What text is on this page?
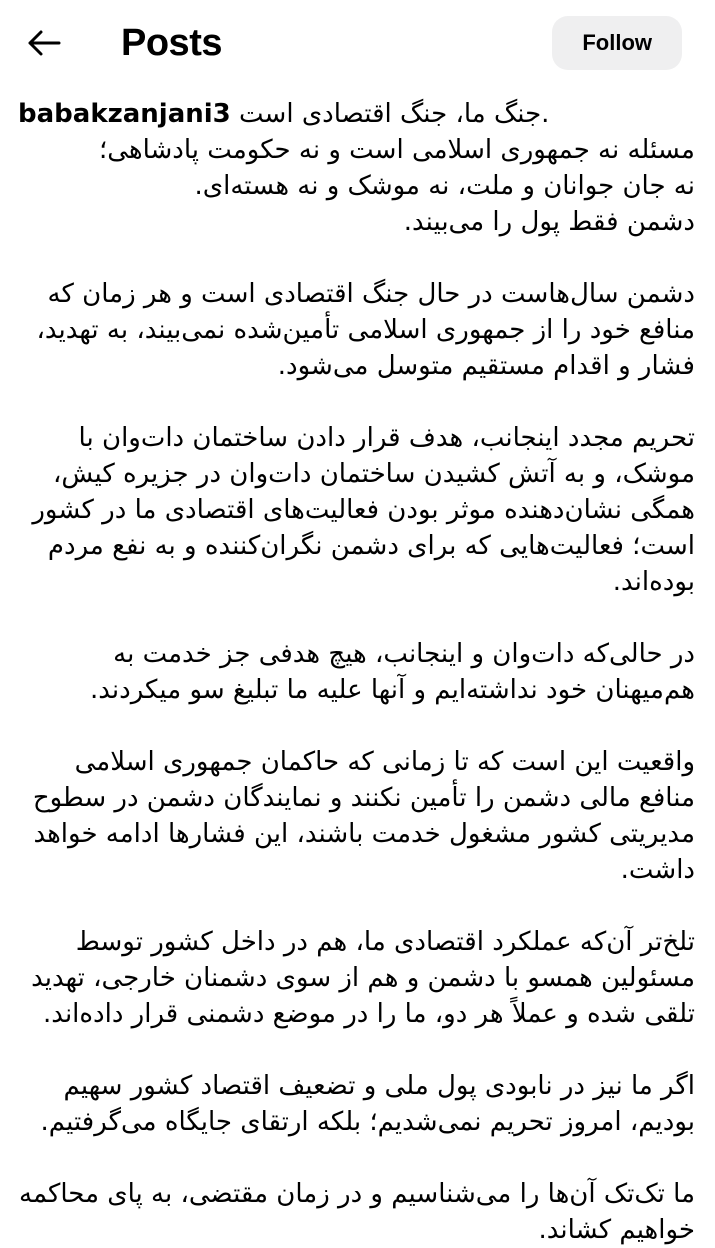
Posts	Follow
babakzanjani3 جنگ ما، جنگ اقتصادی است.
مسئله نه جمهوری اسلامی است و نه حکومت پادشاهی؛
نه جان جوانان و ملت، نه موشک و نه هسته‌ای.
دشمن فقط پول را می‌بیند.

دشمن سال‌هاست در حال جنگ اقتصادی است و هر زمان که منافع خود را از جمهوری اسلامی تأمین‌شده نمی‌بیند، به تهدید، فشار و اقدام مستقیم متوسل می‌شود.

تحریم مجدد اینجانب، هدف قرار دادن ساختمان دات‌وان با موشک، و به آتش کشیدن ساختمان دات‌وان در جزیره کیش، همگی نشان‌دهنده موثر بودن فعالیت‌های اقتصادی ما در کشور است؛ فعالیت‌هایی که برای دشمن نگران‌کننده و به نفع مردم بوده‌اند.

در حالی‌که دات‌وان و اینجانب، هیچ هدفی جز خدمت به هم‌میهنان خود نداشته‌ایم و آنها علیه ما تبلیغ سو میکردند.

واقعیت این است که تا زمانی که حاکمان جمهوری اسلامی منافع مالی دشمن را تأمین نکنند و نمایندگان دشمن در سطوح مدیریتی کشور مشغول خدمت باشند، این فشارها ادامه خواهد داشت.

تلخ‌تر آن‌که عملکرد اقتصادی ما، هم در داخل کشور توسط مسئولین همسو با دشمن و هم از سوی دشمنان خارجی، تهدید تلقی شده و عملاً هر دو، ما را در موضع دشمنی قرار داده‌اند.

اگر ما نیز در نابودی پول ملی و تضعیف اقتصاد کشور سهیم بودیم، امروز تحریم نمی‌شدیم؛ بلکه ارتقای جایگاه می‌گرفتیم.

ما تک‌تک آن‌ها را می‌شناسیم و در زمان مقتضی، به پای محاکمه خواهیم کشاند.
